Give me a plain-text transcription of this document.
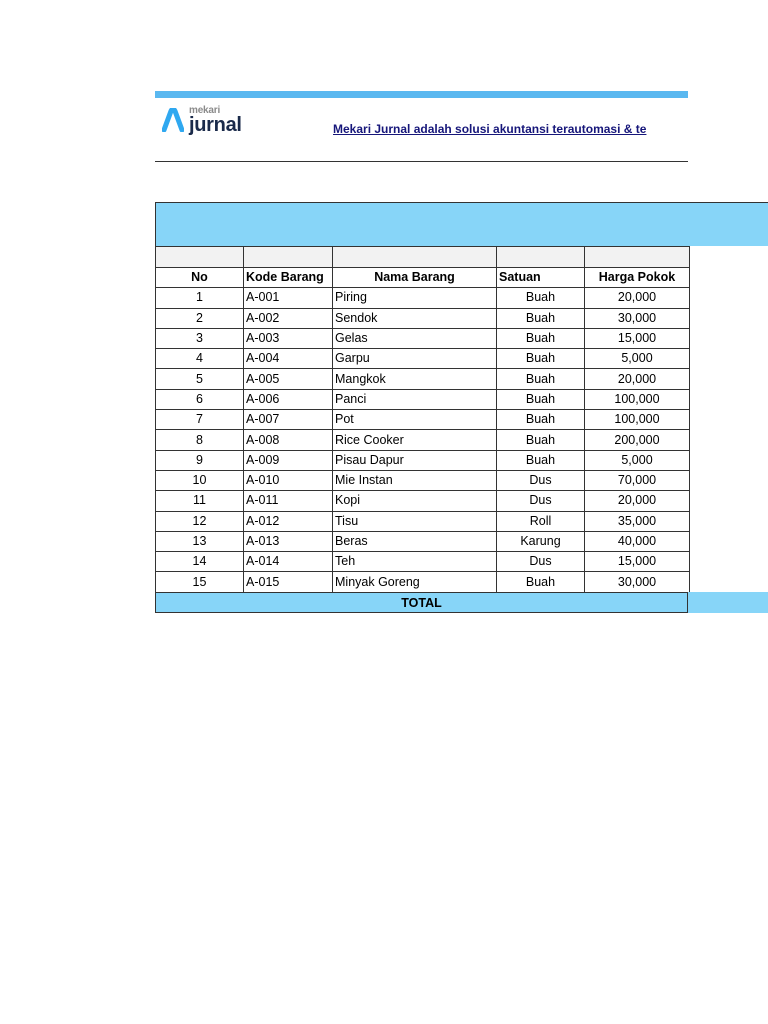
mekari
jurnal	Mekari Jurnal adalah solusi akuntansi terautomasi & te

No	Kode Barang	Nama Barang	Satuan	Harga Pokok
1	A-001	Piring	Buah	20,000
2	A-002	Sendok	Buah	30,000
3	A-003	Gelas	Buah	15,000
4	A-004	Garpu	Buah	5,000
5	A-005	Mangkok	Buah	20,000
6	A-006	Panci	Buah	100,000
7	A-007	Pot	Buah	100,000
8	A-008	Rice Cooker	Buah	200,000
9	A-009	Pisau Dapur	Buah	5,000
10	A-010	Mie Instan	Dus	70,000
11	A-011	Kopi	Dus	20,000
12	A-012	Tisu	Roll	35,000
13	A-013	Beras	Karung	40,000
14	A-014	Teh	Dus	15,000
15	A-015	Minyak Goreng	Buah	30,000
TOTAL
